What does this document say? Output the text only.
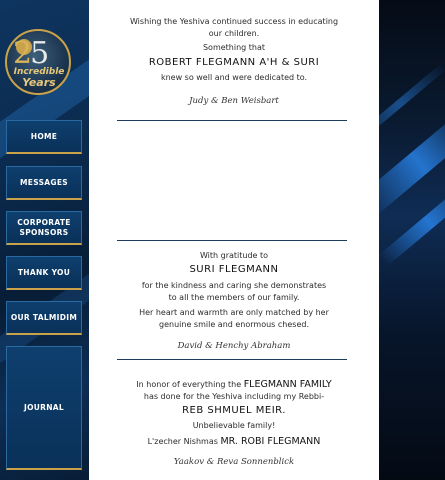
25
Incredible
Years
HOME
MESSAGES
CORPORATE
SPONSORS
THANK YOU
OUR TALMIDIM
JOURNAL
Wishing the Yeshiva continued success in educating
our children.
Something that
ROBERT FLEGMANN A'H & SURI
knew so well and were dedicated to.
Judy & Ben Weisbart
With gratitude to
SURI FLEGMANN
for the kindness and caring she demonstrates
to all the members of our family.
Her heart and warmth are only matched by her
genuine smile and enormous chesed.
David & Henchy Abraham
In honor of everything the FLEGMANN FAMILY
has done for the Yeshiva including my Rebbi-
REB SHMUEL MEIR.
Unbelievable family!
L'zecher Nishmas MR. ROBI FLEGMANN
Yaakov & Reva Sonnenblick
